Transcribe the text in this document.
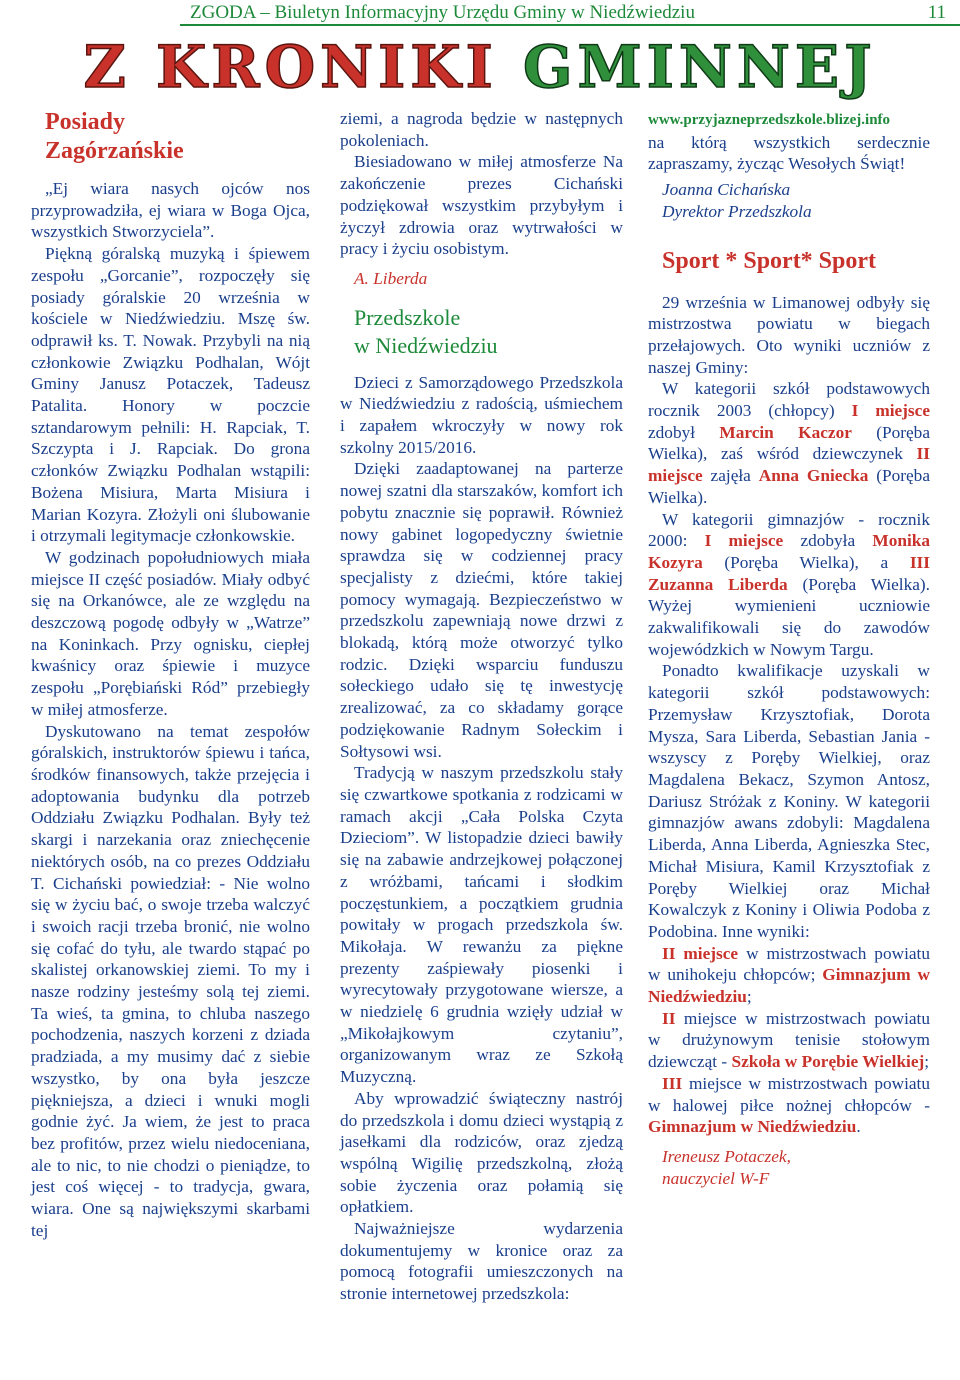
ZGODA – Biuletyn Informacyjny Urzędu Gminy w Niedźwiedziu	11
Z KRONIKI GMINNEJ

Posiady

Zagórzańskie

„Ej wiara nasych ojców nos przyprowadziła, ej wiara w Boga Ojca, wszystkich Stworzyciela”.

Piękną góralską muzyką i śpiewem zespołu „Gorcanie”, rozpoczęły się posiady góralskie 20 września w kościele w Niedźwiedziu. Mszę św. odprawił ks. T. Nowak. Przybyli na nią członkowie Związku Podhalan, Wójt Gminy Janusz Potaczek, Tadeusz Patalita. Honory w poczcie sztandarowym pełnili: H. Rapciak, T. Szczypta i J. Rapciak. Do grona członków Związku Podhalan wstąpili: Bożena Misiura, Marta Misiura i Marian Kozyra. Złożyli oni ślubowanie i otrzymali legitymacje członkowskie.

W godzinach popołudniowych miała miejsce II część posiadów. Miały odbyć się na Orkanówce, ale ze względu na deszczową pogodę odbyły w „Watrze” na Koninkach. Przy ognisku, ciepłej kwaśnicy oraz śpiewie i muzyce zespołu „Porębiański Ród” przebiegły w miłej atmosferze.

Dyskutowano na temat zespołów góralskich, instruktorów śpiewu i tańca, środków finansowych, także przejęcia i adoptowania budynku dla potrzeb Oddziału Związku Podhalan. Były też skargi i narzekania oraz zniechęcenie niektórych osób, na co prezes Oddziału T. Cichański powiedział: - Nie wolno się w życiu bać, o swoje trzeba walczyć i swoich racji trzeba bronić, nie wolno się cofać do tyłu, ale twardo stąpać po skalistej orkanowskiej ziemi. To my i nasze rodziny jesteśmy solą tej ziemi. Ta wieś, ta gmina, to chluba naszego pochodzenia, naszych korzeni z dziada pradziada, a my musimy dać z siebie wszystko, by ona była jeszcze piękniejsza, a dzieci i wnuki mogli godnie żyć. Ja wiem, że jest to praca bez profitów, przez wielu niedoceniana, ale to nic, to nie chodzi o pieniądze, to jest coś więcej - to tradycja, gwara, wiara. One są największymi skarbami tej

ziemi, a nagroda będzie w następnych pokoleniach.

Biesiadowano w miłej atmosferze Na zakończenie prezes Cichański podziękował wszystkim przybyłym i życzył zdrowia oraz wytrwałości w pracy i życiu osobistym.

A. Liberda

Przedszkole

w Niedźwiedziu

Dzieci z Samorządowego Przedszkola w Niedźwiedziu z radością, uśmiechem i zapałem wkroczyły w nowy rok szkolny 2015/2016.

Dzięki zaadaptowanej na parterze nowej szatni dla starszaków, komfort ich pobytu znacznie się poprawił. Również nowy gabinet logopedyczny świetnie sprawdza się w codziennej pracy specjalisty z dziećmi, które takiej pomocy wymagają. Bezpieczeństwo w przedszkolu zapewniają nowe drzwi z blokadą, którą może otworzyć tylko rodzic. Dzięki wsparciu funduszu sołeckiego udało się tę inwestycję zrealizować, za co składamy gorące podziękowanie Radnym Sołeckim i Sołtysowi wsi.

Tradycją w naszym przedszkolu stały się czwartkowe spotkania z rodzicami w ramach akcji „Cała Polska Czyta Dzieciom”. W listopadzie dzieci bawiły się na zabawie andrzejkowej połączonej z wróżbami, tańcami i słodkim poczęstunkiem, a początkiem grudnia powitały w progach przedszkola św. Mikołaja. W rewanżu za piękne prezenty zaśpiewały piosenki i wyrecytowały przygotowane wiersze, a w niedzielę 6 grudnia wzięły udział w „Mikołajkowym czytaniu”, organizowanym wraz ze Szkołą Muzyczną.

Aby wprowadzić świąteczny nastrój do przedszkola i domu dzieci wystąpią z jasełkami dla rodziców, oraz zjedzą wspólną Wigilię przedszkolną, złożą sobie życzenia oraz połamią się opłatkiem.

Najważniejsze wydarzenia dokumentujemy w kronice oraz za pomocą fotografii umieszczonych na stronie internetowej przedszkola:

www.przyjazneprzedszkole.blizej.info

na którą wszystkich serdecznie zapraszamy, życząc Wesołych Świąt!

Joanna Cichańska

Dyrektor Przedszkola

Sport * Sport* Sport

29 września w Limanowej odbyły się mistrzostwa powiatu w biegach przełajowych. Oto wyniki uczniów z naszej Gminy:

W kategorii szkół podstawowych rocznik 2003 (chłopcy) I miejsce zdobył Marcin Kaczor (Poręba Wielka), zaś wśród dziewczynek II miejsce zajęła Anna Gniecka (Poręba Wielka).

W kategorii gimnazjów - rocznik 2000: I miejsce zdobyła Monika Kozyra (Poręba Wielka), a III Zuzanna Liberda (Poręba Wielka). Wyżej wymienieni uczniowie zakwalifikowali się do zawodów wojewódzkich w Nowym Targu.

Ponadto kwalifikacje uzyskali w kategorii szkół podstawowych: Przemysław Krzysztofiak, Dorota Mysza, Sara Liberda, Sebastian Jania - wszyscy z Poręby Wielkiej, oraz Magdalena Bekacz, Szymon Antosz, Dariusz Stróżak z Koniny. W kategorii gimnazjów awans zdobyli: Magdalena Liberda, Anna Liberda, Agnieszka Stec, Michał Misiura, Kamil Krzysztofiak z Poręby Wielkiej oraz Michał Kowalczyk z Koniny i Oliwia Podoba z Podobina. Inne wyniki:

II miejsce w mistrzostwach powiatu w unihokeju chłopców; Gimnazjum w Niedźwiedziu;

II miejsce w mistrzostwach powiatu w drużynowym tenisie stołowym dziewcząt - Szkoła w Porębie Wielkiej;

III miejsce w mistrzostwach powiatu w halowej piłce nożnej chłopców - Gimnazjum w Niedźwiedziu.

Ireneusz Potaczek,

nauczyciel W-F
